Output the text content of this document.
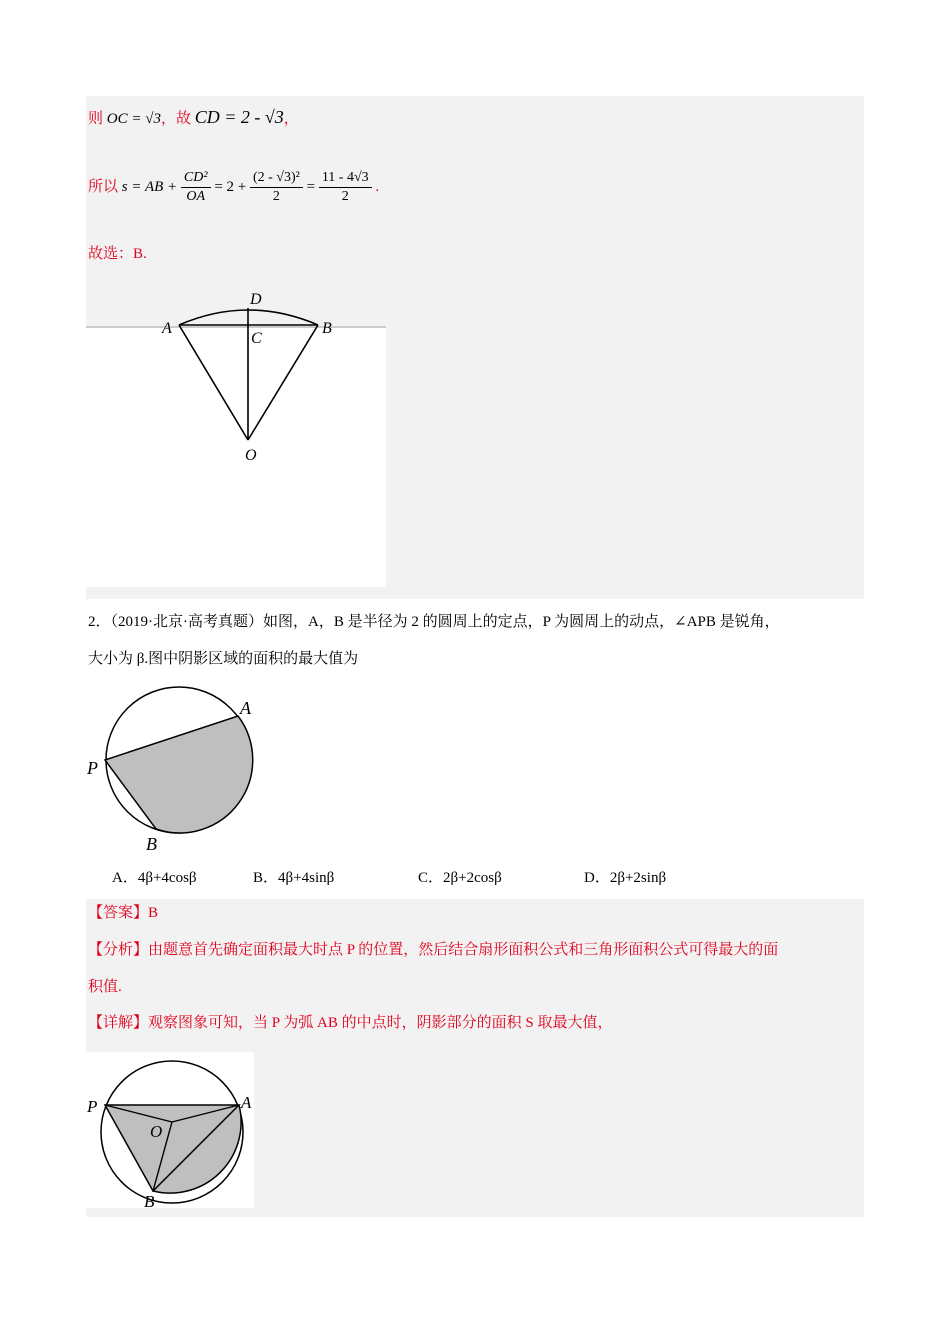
则 OC = √3，故 CD = 2 - √3，
所以 s = AB + $\frac{\text{CD²}}{OA} = 2 + \frac{\text{(2 - √3)²}}{2} = \frac{11 - 4√3}{2}$ .
故选：B.
D
A
C
B
O
2．（2019·北京·高考真题）如图，A，B 是半径为 2 的圆周上的定点，P 为圆周上的动点，∠APB 是锐角，
大小为 β.图中阴影区域的面积的最大值为
A
P
B
A．4β+4cosβ	B．4β+4sinβ	C．2β+2cosβ	D．2β+2sinβ
【答案】B
【分析】由题意首先确定面积最大时点 P 的位置，然后结合扇形面积公式和三角形面积公式可得最大的面
积值.
【详解】观察图象可知，当 P 为弧 AB 的中点时，阴影部分的面积 S 取最大值，
P	A
O
B
